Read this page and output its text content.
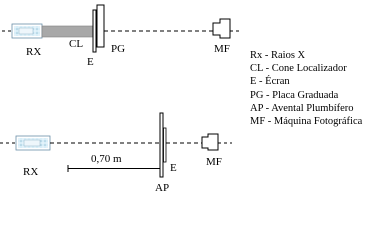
RX
CL	PG
E
MF
RX
0,70 m
E
AP
MF
Rx - Raios X
CL - Cone Localizador
E - Écran
PG - Placa Graduada
AP - Avental Plumbífero
MF - Máquina Fotográfica
